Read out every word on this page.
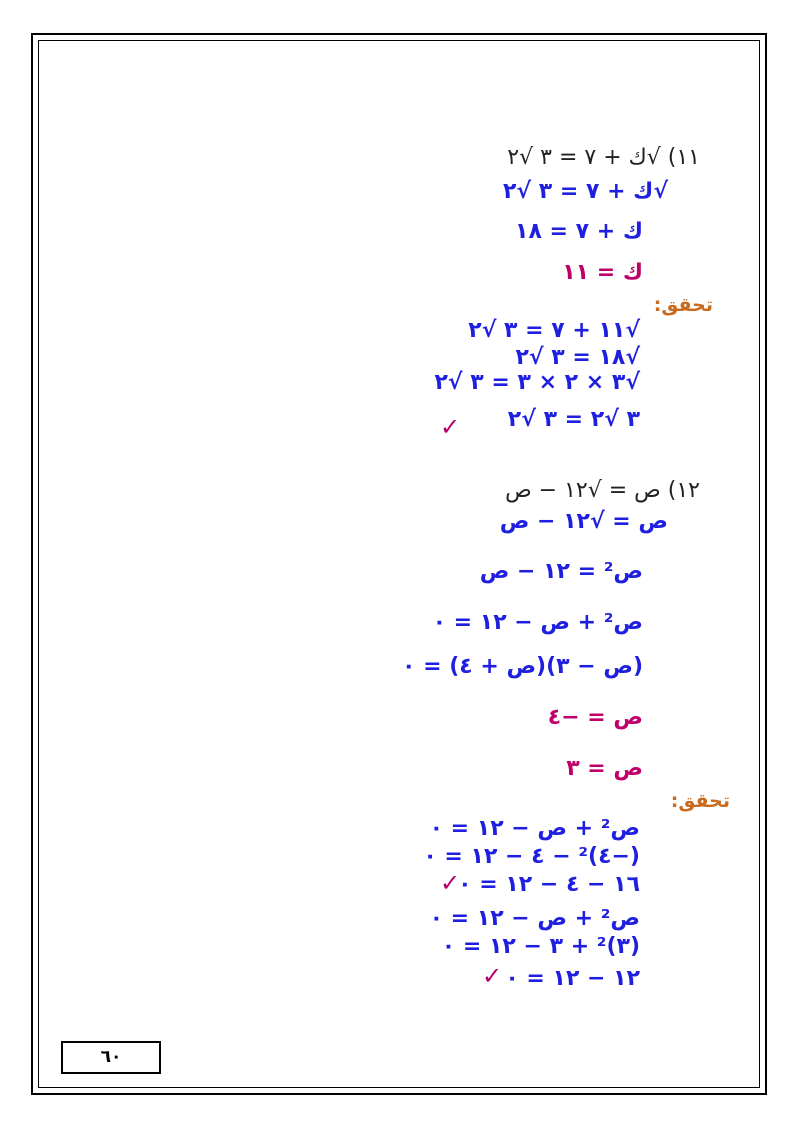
١١) √ك + ٧ = ٣ √٢
√ك + ٧ = ٣ √٢
ك + ٧ = ١٨
ك = ١١
تحقق:
√١١ + ٧ = ٣ √٢
√١٨ = ٣ √٢
√٣ × ٢ × ٣ = ٣ √٢
٣ √٢ = ٣ √٢
✓
١٢) ص = √١٢ − ص
ص = √١٢ − ص
ص² = ١٢ − ص
ص² + ص − ١٢ = ٠
(ص − ٣)(ص + ٤) = ٠
ص = −٤
ص = ٣
تحقق:
ص² + ص − ١٢ = ٠
(−٤)² − ٤ − ١٢ = ٠
١٦ − ٤ − ١٢ = ٠
✓
ص² + ص − ١٢ = ٠
(٣)² + ٣ − ١٢ = ٠
١٢ − ١٢ = ٠
✓
٦٠
